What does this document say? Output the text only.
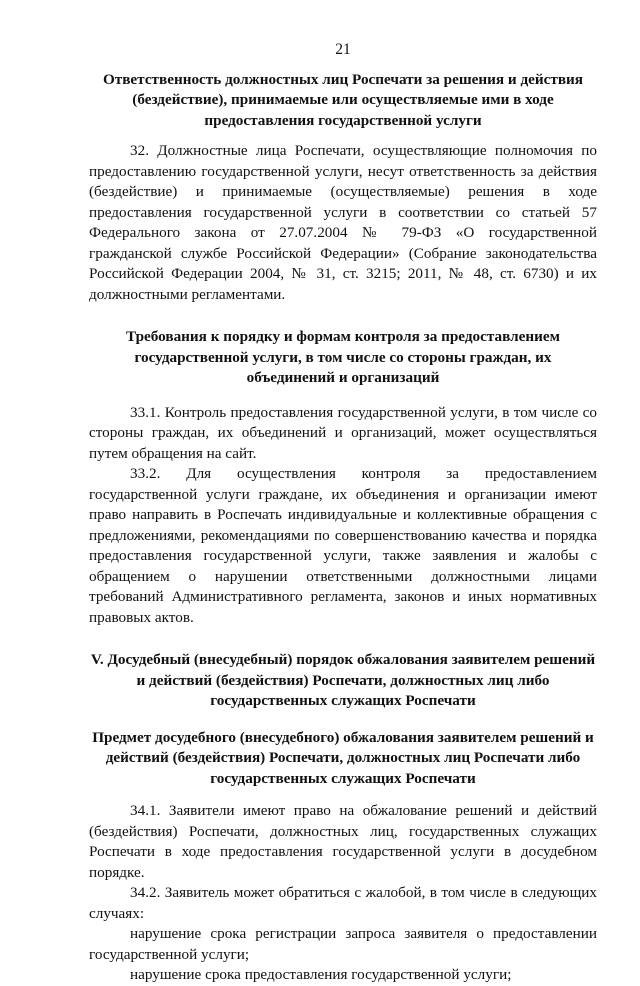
21

Ответственность должностных лиц Роспечати за решения и действия (бездействие), принимаемые или осуществляемые ими в ходе предоставления государственной услуги

32. Должностные лица Роспечати, осуществляющие полномочия по предоставлению государственной услуги, несут ответственность за действия (бездействие) и принимаемые (осуществляемые) решения в ходе предоставления государственной услуги в соответствии со статьей 57 Федерального закона от 27.07.2004 № 79-ФЗ «О государственной гражданской службе Российской Федерации» (Собрание законодательства Российской Федерации 2004, № 31, ст. 3215; 2011, № 48, ст. 6730) и их должностными регламентами.

Требования к порядку и формам контроля за предоставлением государственной услуги, в том числе со стороны граждан, их объединений и организаций

33.1. Контроль предоставления государственной услуги, в том числе со стороны граждан, их объединений и организаций, может осуществляться путем обращения на сайт.

33.2. Для осуществления контроля за предоставлением государственной услуги граждане, их объединения и организации имеют право направить в Роспечать индивидуальные и коллективные обращения с предложениями, рекомендациями по совершенствованию качества и порядка предоставления государственной услуги, также заявления и жалобы с обращением о нарушении ответственными должностными лицами требований Административного регламента, законов и иных нормативных правовых актов.

V. Досудебный (внесудебный) порядок обжалования заявителем решений и действий (бездействия) Роспечати, должностных лиц либо государственных служащих Роспечати

Предмет досудебного (внесудебного) обжалования заявителем решений и действий (бездействия) Роспечати, должностных лиц Роспечати либо государственных служащих Роспечати

34.1. Заявители имеют право на обжалование решений и действий (бездействия) Роспечати, должностных лиц, государственных служащих Роспечати в ходе предоставления государственной услуги в досудебном порядке.

34.2. Заявитель может обратиться с жалобой, в том числе в следующих случаях:

нарушение срока регистрации запроса заявителя о предоставлении государственной услуги;

нарушение срока предоставления государственной услуги;
